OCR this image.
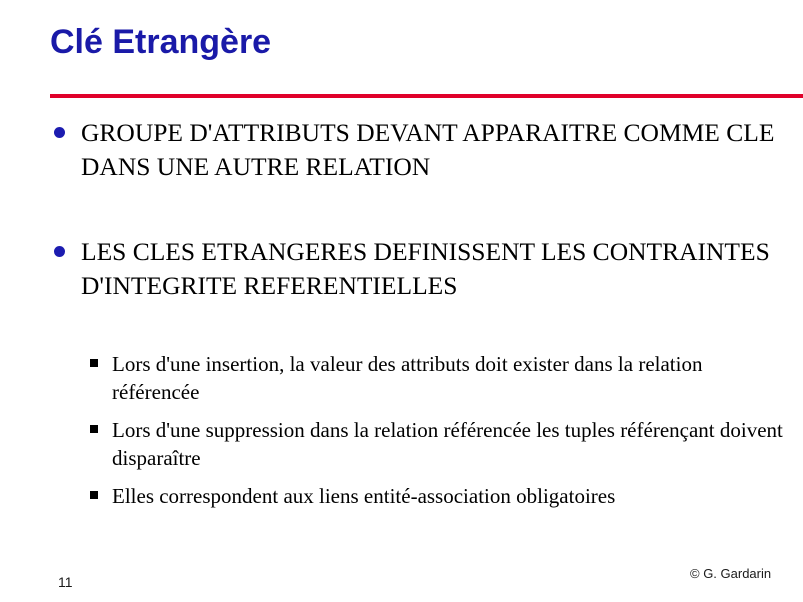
Clé Etrangère
GROUPE D'ATTRIBUTS DEVANT APPARAITRE COMME CLE DANS UNE AUTRE RELATION
LES CLES ETRANGERES DEFINISSENT LES CONTRAINTES D'INTEGRITE REFERENTIELLES
Lors d'une insertion, la valeur des attributs doit exister dans la relation référencée
Lors d'une suppression dans la relation référencée les tuples référençant doivent disparaître
Elles correspondent aux liens entité-association obligatoires
11
© G. Gardarin
